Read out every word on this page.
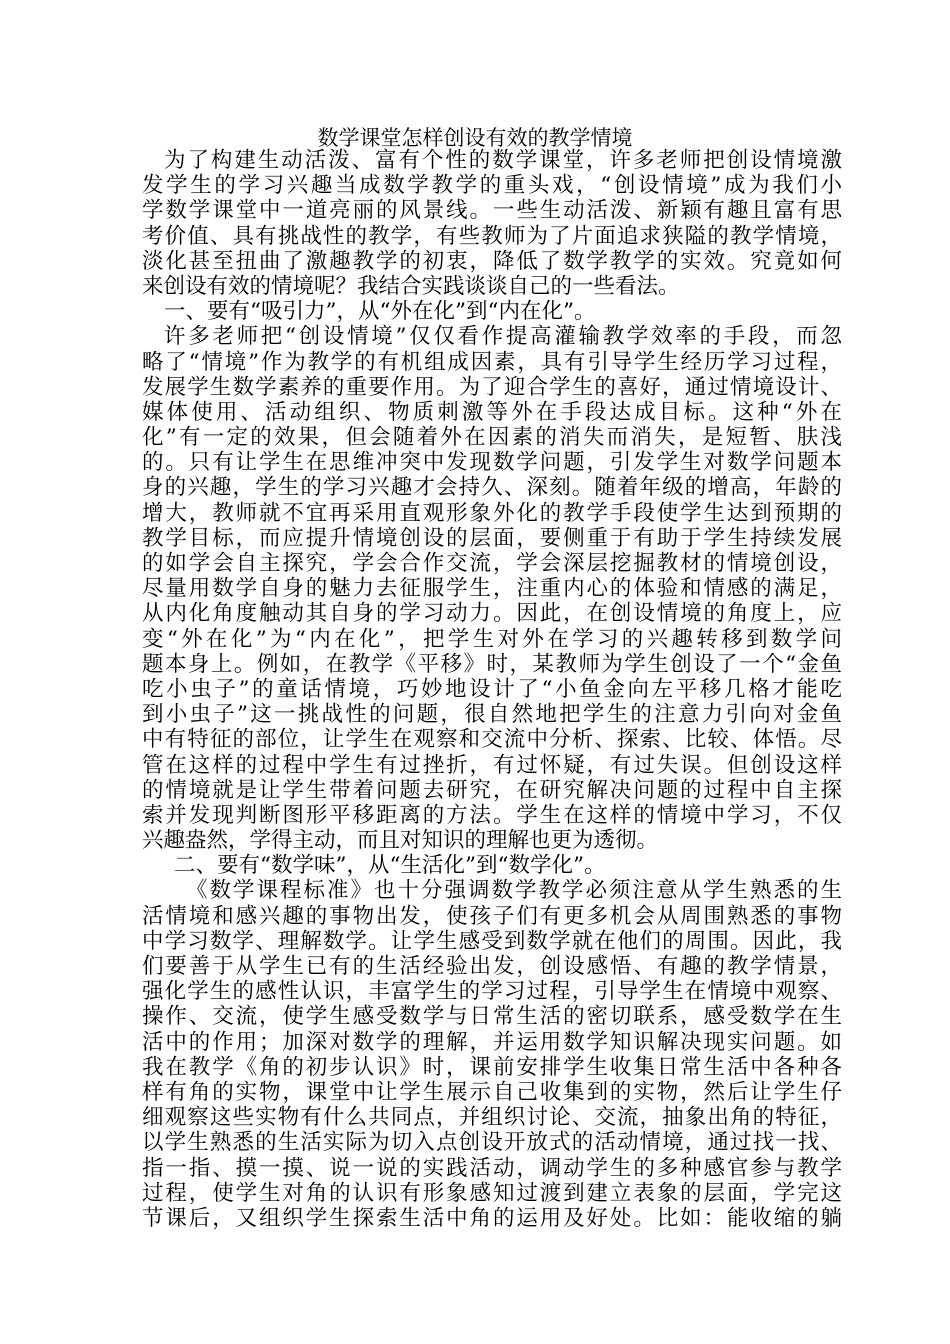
数学课堂怎样创设有效的教学情境
为了构建生动活泼、富有个性的数学课堂，许多老师把创设情境激
发学生的学习兴趣当成数学教学的重头戏，“创设情境”成为我们小
学数学课堂中一道亮丽的风景线。一些生动活泼、新颖有趣且富有思
考价值、具有挑战性的教学，有些教师为了片面追求狭隘的教学情境，
淡化甚至扭曲了激趣教学的初衷，降低了数学教学的实效。究竟如何
来创设有效的情境呢？我结合实践谈谈自己的一些看法。
一、要有“吸引力”，从“外在化”到“内在化”。
许多老师把“创设情境”仅仅看作提高灌输教学效率的手段，而忽
略了“情境”作为教学的有机组成因素，具有引导学生经历学习过程，
发展学生数学素养的重要作用。为了迎合学生的喜好，通过情境设计、
媒体使用、活动组织、物质刺激等外在手段达成目标。这种“外在
化”有一定的效果，但会随着外在因素的消失而消失，是短暂、肤浅
的。只有让学生在思维冲突中发现数学问题，引发学生对数学问题本
身的兴趣，学生的学习兴趣才会持久、深刻。随着年级的增高，年龄的
增大，教师就不宜再采用直观形象外化的教学手段使学生达到预期的
教学目标，而应提升情境创设的层面，要侧重于有助于学生持续发展
的如学会自主探究，学会合作交流，学会深层挖掘教材的情境创设，
尽量用数学自身的魅力去征服学生，注重内心的体验和情感的满足，
从内化角度触动其自身的学习动力。因此，在创设情境的角度上，应
变“外在化”为“内在化”，把学生对外在学习的兴趣转移到数学问
题本身上。例如，在教学《平移》时，某教师为学生创设了一个“金鱼
吃小虫子”的童话情境，巧妙地设计了“小鱼金向左平移几格才能吃
到小虫子”这一挑战性的问题，很自然地把学生的注意力引向对金鱼
中有特征的部位，让学生在观察和交流中分析、探索、比较、体悟。尽
管在这样的过程中学生有过挫折，有过怀疑，有过失误。但创设这样
的情境就是让学生带着问题去研究，在研究解决问题的过程中自主探
索并发现判断图形平移距离的方法。学生在这样的情境中学习，不仅
兴趣盎然，学得主动，而且对知识的理解也更为透彻。
二、要有“数学味”，从“生活化”到“数学化”。
《数学课程标准》也十分强调数学教学必须注意从学生熟悉的生
活情境和感兴趣的事物出发，使孩子们有更多机会从周围熟悉的事物
中学习数学、理解数学。让学生感受到数学就在他们的周围。因此，我
们要善于从学生已有的生活经验出发，创设感悟、有趣的教学情景，
强化学生的感性认识，丰富学生的学习过程，引导学生在情境中观察、
操作、交流，使学生感受数学与日常生活的密切联系，感受数学在生
活中的作用；加深对数学的理解，并运用数学知识解决现实问题。如
我在教学《角的初步认识》时，课前安排学生收集日常生活中各种各
样有角的实物，课堂中让学生展示自己收集到的实物，然后让学生仔
细观察这些实物有什么共同点，并组织讨论、交流，抽象出角的特征，
以学生熟悉的生活实际为切入点创设开放式的活动情境，通过找一找、
指一指、摸一摸、说一说的实践活动，调动学生的多种感官参与教学
过程，使学生对角的认识有形象感知过渡到建立表象的层面，学完这
节课后，又组织学生探索生活中角的运用及好处。比如：能收缩的躺
